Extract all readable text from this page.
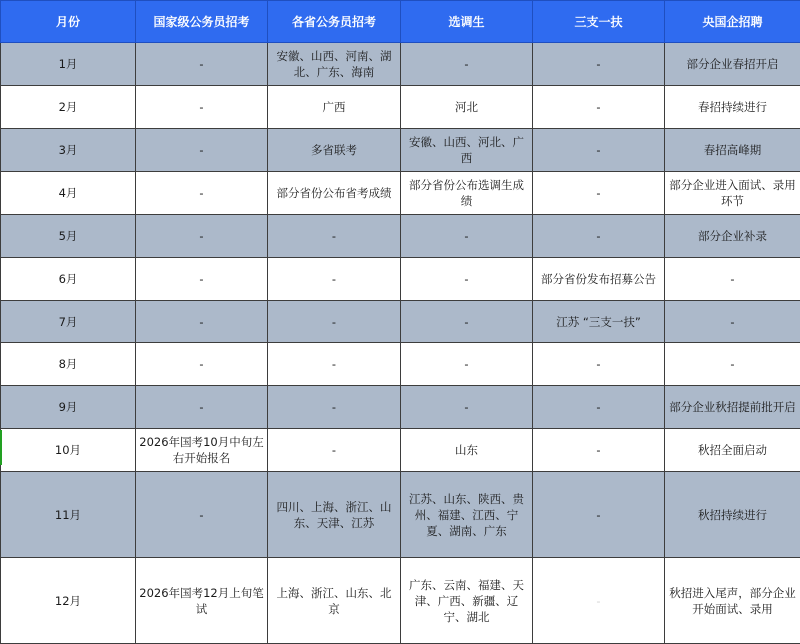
月份	国家级公务员招考	各省公务员招考	选调生	三支一扶	央国企招聘
1月	-	安徽、山西、河南、湖北、广东、海南	-	-	部分企业春招开启
2月	-	广西	河北	-	春招持续进行
3月	-	多省联考	安徽、山西、河北、广西	-	春招高峰期
4月	-	部分省份公布省考成绩	部分省份公布选调生成绩	-	部分企业进入面试、录用环节
5月	-	-	-	-	部分企业补录
6月	-	-	-	部分省份发布招募公告	-
7月	-	-	-	江苏 “三支一扶”	-
8月	-	-	-	-	-
9月	-	-	-	-	部分企业秋招提前批开启
10月	2026年国考10月中旬左右开始报名	-	山东	-	秋招全面启动
11月	-	四川、上海、浙江、山东、天津、江苏	江苏、山东、陕西、贵州、福建、江西、宁夏、湖南、广东	-	秋招持续进行
12月	2026年国考12月上旬笔试	上海、浙江、山东、北京	广东、云南、福建、天津、广西、新疆、辽宁、湖北	-	秋招进入尾声，部分企业开始面试、录用
